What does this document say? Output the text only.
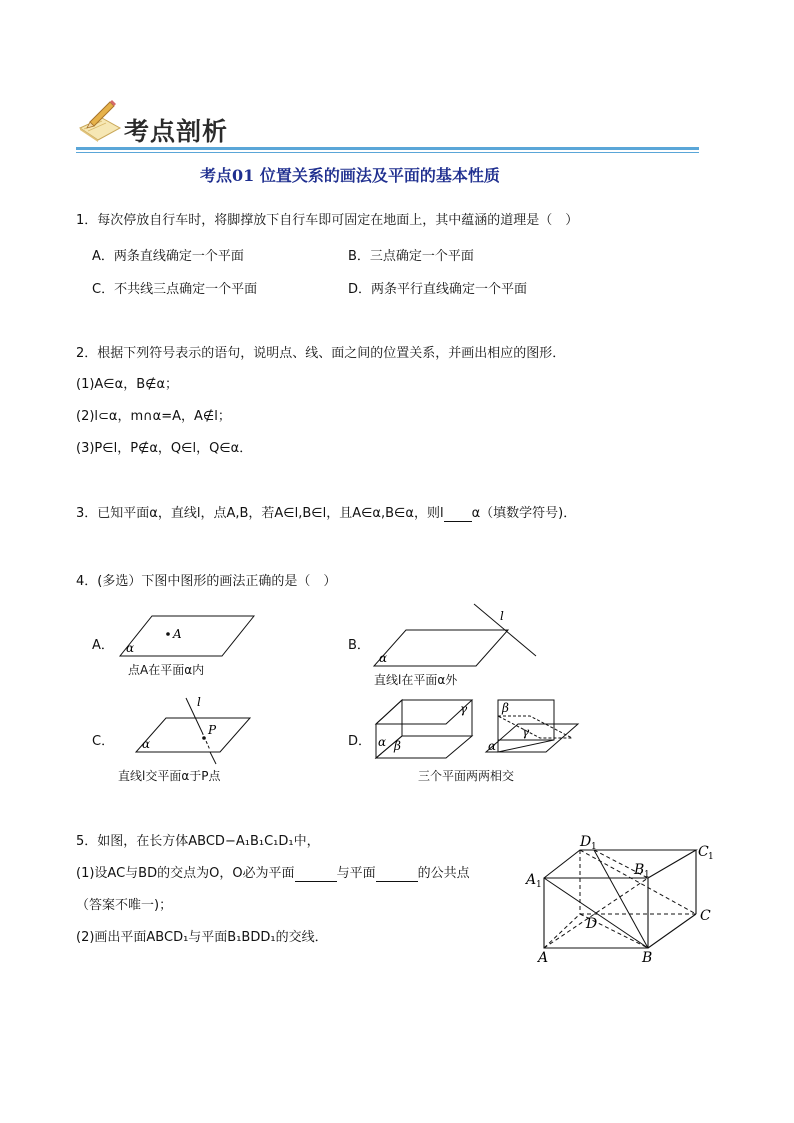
考点剖析
考点01 位置关系的画法及平面的基本性质
1．每次停放自行车时，将脚撑放下自行车即可固定在地面上，其中蕴涵的道理是（　）
A．两条直线确定一个平面	B．三点确定一个平面
C．不共线三点确定一个平面	D．两条平行直线确定一个平面
2．根据下列符号表示的语句，说明点、线、面之间的位置关系，并画出相应的图形．
(1)A∈α，B∉α；
(2)l⊂α，m∩α=A，A∉l；
(3)P∈l，P∉α，Q∈l，Q∈α．
3．已知平面α，直线l，点A,B，若A∈l,B∈l，且A∈α,B∈α，则l α（填数学符号)．
4．(多选）下图中图形的画法正确的是（　）
A．
A
α
点A在平面α内
B．
l
α
直线l在平面α外
C．
l
P
α
直线l交平面α于P点
D． α β
γ	β
γ
α
三个平面两两相交
5．如图，在长方体ABCD−A₁B₁C₁D₁中，
(1)设AC与BD的交点为O，O必为平面	与平面	的公共点
（答案不唯一)；
(2)画出平面ABCD₁与平面B₁BDD₁的交线．
D 1	C 1
B 1
A 1
D	C
A	B
